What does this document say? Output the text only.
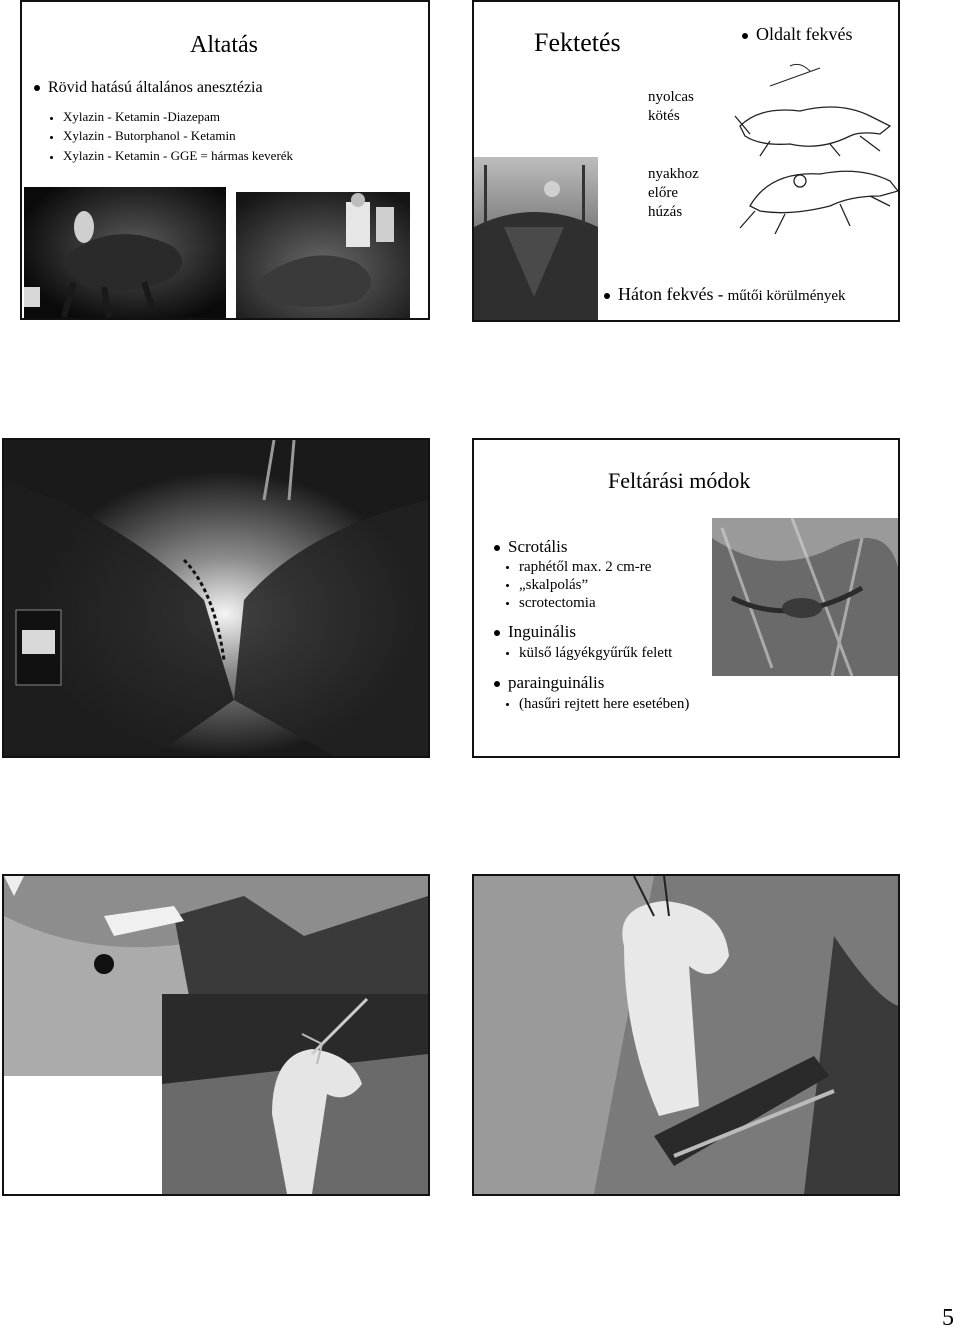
Altatás
Rövid hatású általános anesztézia
Xylazin - Ketamin -Diazepam
Xylazin - Butorphanol - Ketamin
Xylazin - Ketamin - GGE = hármas keverék
Fektetés	Oldalt fekvés
nyolcas
kötés
nyakhoz
előre
húzás
Háton fekvés - műtői körülmények
Feltárási módok
Scrotális
raphétől max. 2 cm-re
„skalpolás”
scrotectomia
Inguinális
külső lágyékgyűrűk felett
parainguinális
(hasűri rejtett here esetében)
5
